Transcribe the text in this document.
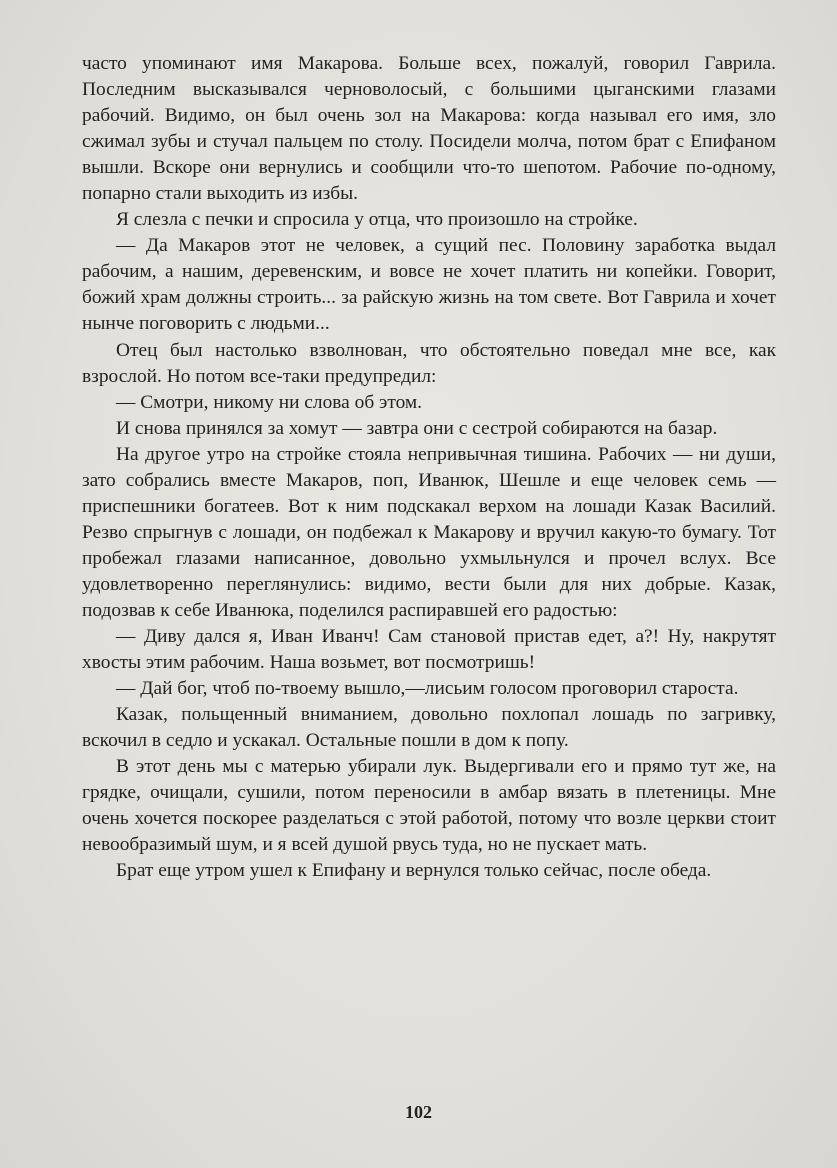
часто упоминают имя Макарова. Больше всех, пожалуй, говорил Гаврила. Последним высказывался черноволосый, с большими цыганскими глазами рабочий. Видимо, он был очень зол на Макарова: когда называл его имя, зло сжимал зубы и стучал пальцем по столу. Посидели молча, потом брат с Епифаном вышли. Вскоре они вернулись и сообщили что-то шепотом. Рабочие по-одному, попарно стали выходить из избы.

Я слезла с печки и спросила у отца, что произошло на стройке.

— Да Макаров этот не человек, а сущий пес. Половину заработка выдал рабочим, а нашим, деревенским, и вовсе не хочет платить ни копейки. Говорит, божий храм должны строить... за райскую жизнь на том свете. Вот Гаврила и хочет нынче поговорить с людьми...

Отец был настолько взволнован, что обстоятельно поведал мне все, как взрослой. Но потом все-таки предупредил:

— Смотри, никому ни слова об этом.

И снова принялся за хомут — завтра они с сестрой собираются на базар.

На другое утро на стройке стояла непривычная тишина. Рабочих — ни души, зато собрались вместе Макаров, поп, Иванюк, Шешле и еще человек семь — приспешники богатеев. Вот к ним подскакал верхом на лошади Казак Василий. Резво спрыгнув с лошади, он подбежал к Макарову и вручил какую-то бумагу. Тот пробежал глазами написанное, довольно ухмыльнулся и прочел вслух. Все удовлетворенно переглянулись: видимо, вести были для них добрые. Казак, подозвав к себе Иванюка, поделился распиравшей его радостью:

— Диву дался я, Иван Иванч! Сам становой пристав едет, а?! Ну, накрутят хвосты этим рабочим. Наша возьмет, вот посмотришь!

— Дай бог, чтоб по-твоему вышло,—лисьим голосом проговорил староста.

Казак, польщенный вниманием, довольно похлопал лошадь по загривку, вскочил в седло и ускакал. Остальные пошли в дом к попу.

В этот день мы с матерью убирали лук. Выдергивали его и прямо тут же, на грядке, очищали, сушили, потом переносили в амбар вязать в плетеницы. Мне очень хочется поскорее разделаться с этой работой, потому что возле церкви стоит невообразимый шум, и я всей душой рвусь туда, но не пускает мать.

Брат еще утром ушел к Епифану и вернулся только сейчас, после обеда.

102
